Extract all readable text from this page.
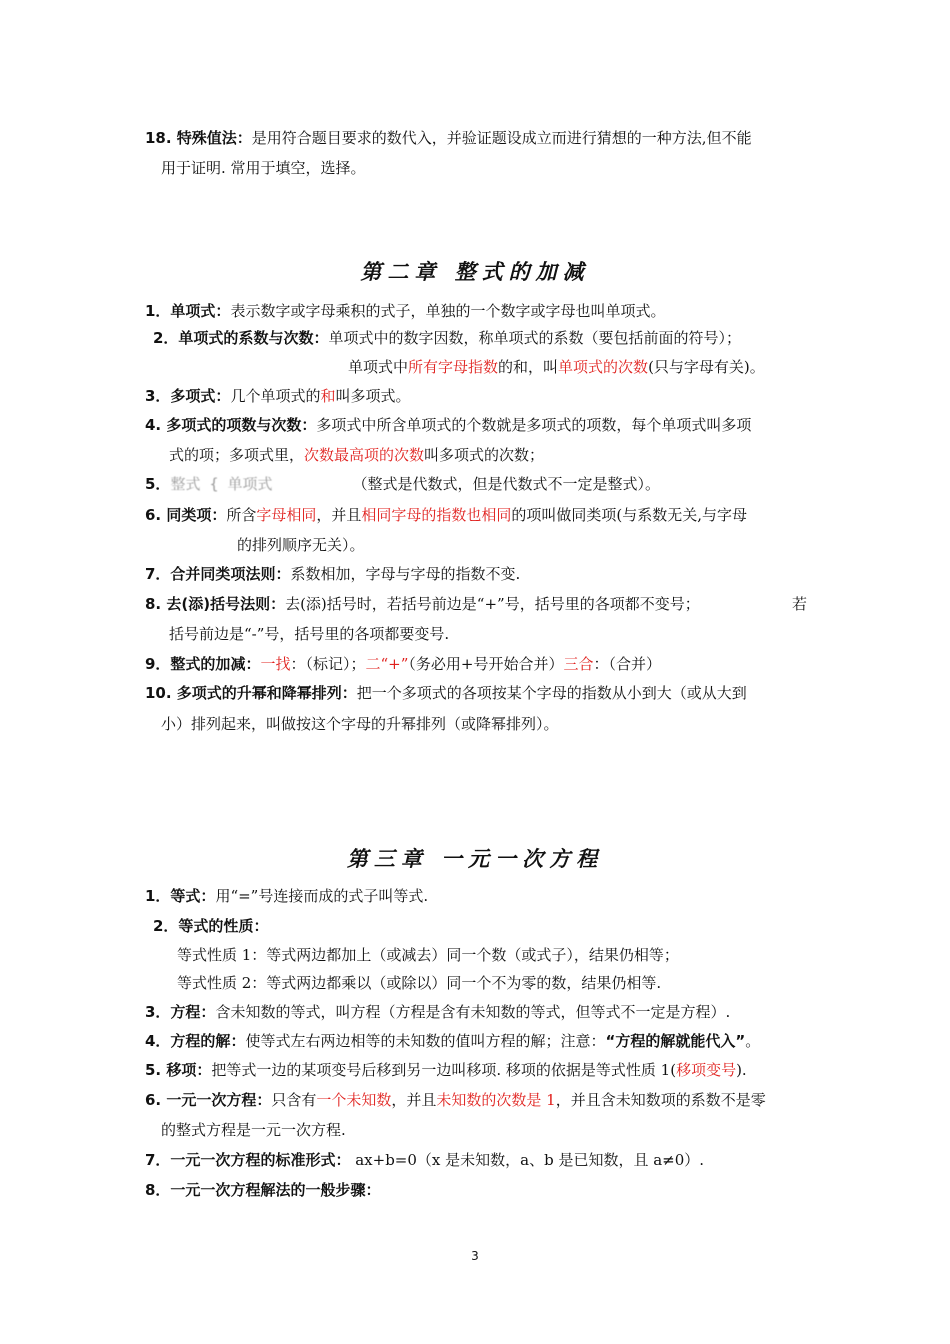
18. 特殊值法：是用符合题目要求的数代入，并验证题设成立而进行猜想的一种方法,但不能
用于证明. 常用于填空，选择。
第二章 整式的加减
1．单项式：表示数字或字母乘积的式子，单独的一个数字或字母也叫单项式。
2．单项式的系数与次数：单项式中的数字因数，称单项式的系数（要包括前面的符号）；
单项式中所有字母指数的和，叫单项式的次数(只与字母有关)。
3．多项式：几个单项式的和叫多项式。
4. 多项式的项数与次数：多项式中所含单项式的个数就是多项式的项数，每个单项式叫多项
式的项；多项式里，次数最高项的次数叫多项式的次数；
5．整式 { 单项式	（整式是代数式，但是代数式不一定是整式）。
6. 同类项：所含字母相同，并且相同字母的指数也相同的项叫做同类项(与系数无关,与字母
的排列顺序无关）。
7．合并同类项法则：系数相加，字母与字母的指数不变.
8. 去(添)括号法则：去(添)括号时，若括号前边是“+”号，括号里的各项都不变号；	若
括号前边是“-”号，括号里的各项都要变号.
9．整式的加减：一找：（标记）；二“+”（务必用+号开始合并）三合：（合并）
10. 多项式的升幂和降幂排列：把一个多项式的各项按某个字母的指数从小到大（或从大到
小）排列起来，叫做按这个字母的升幂排列（或降幂排列）。
第三章 一元一次方程
1．等式：用“=”号连接而成的式子叫等式.
2．等式的性质：
等式性质 1：等式两边都加上（或减去）同一个数（或式子），结果仍相等；
等式性质 2：等式两边都乘以（或除以）同一个不为零的数，结果仍相等.
3．方程：含未知数的等式，叫方程（方程是含有未知数的等式，但等式不一定是方程）.
4．方程的解：使等式左右两边相等的未知数的值叫方程的解；注意：“方程的解就能代入”。
5. 移项：把等式一边的某项变号后移到另一边叫移项. 移项的依据是等式性质 1(移项变号).
6. 一元一次方程：只含有一个未知数，并且未知数的次数是 1，并且含未知数项的系数不是零
的整式方程是一元一次方程.
7．一元一次方程的标准形式： ax+b=0（x 是未知数，a、b 是已知数，且 a≠0）.
8．一元一次方程解法的一般步骤：
3
